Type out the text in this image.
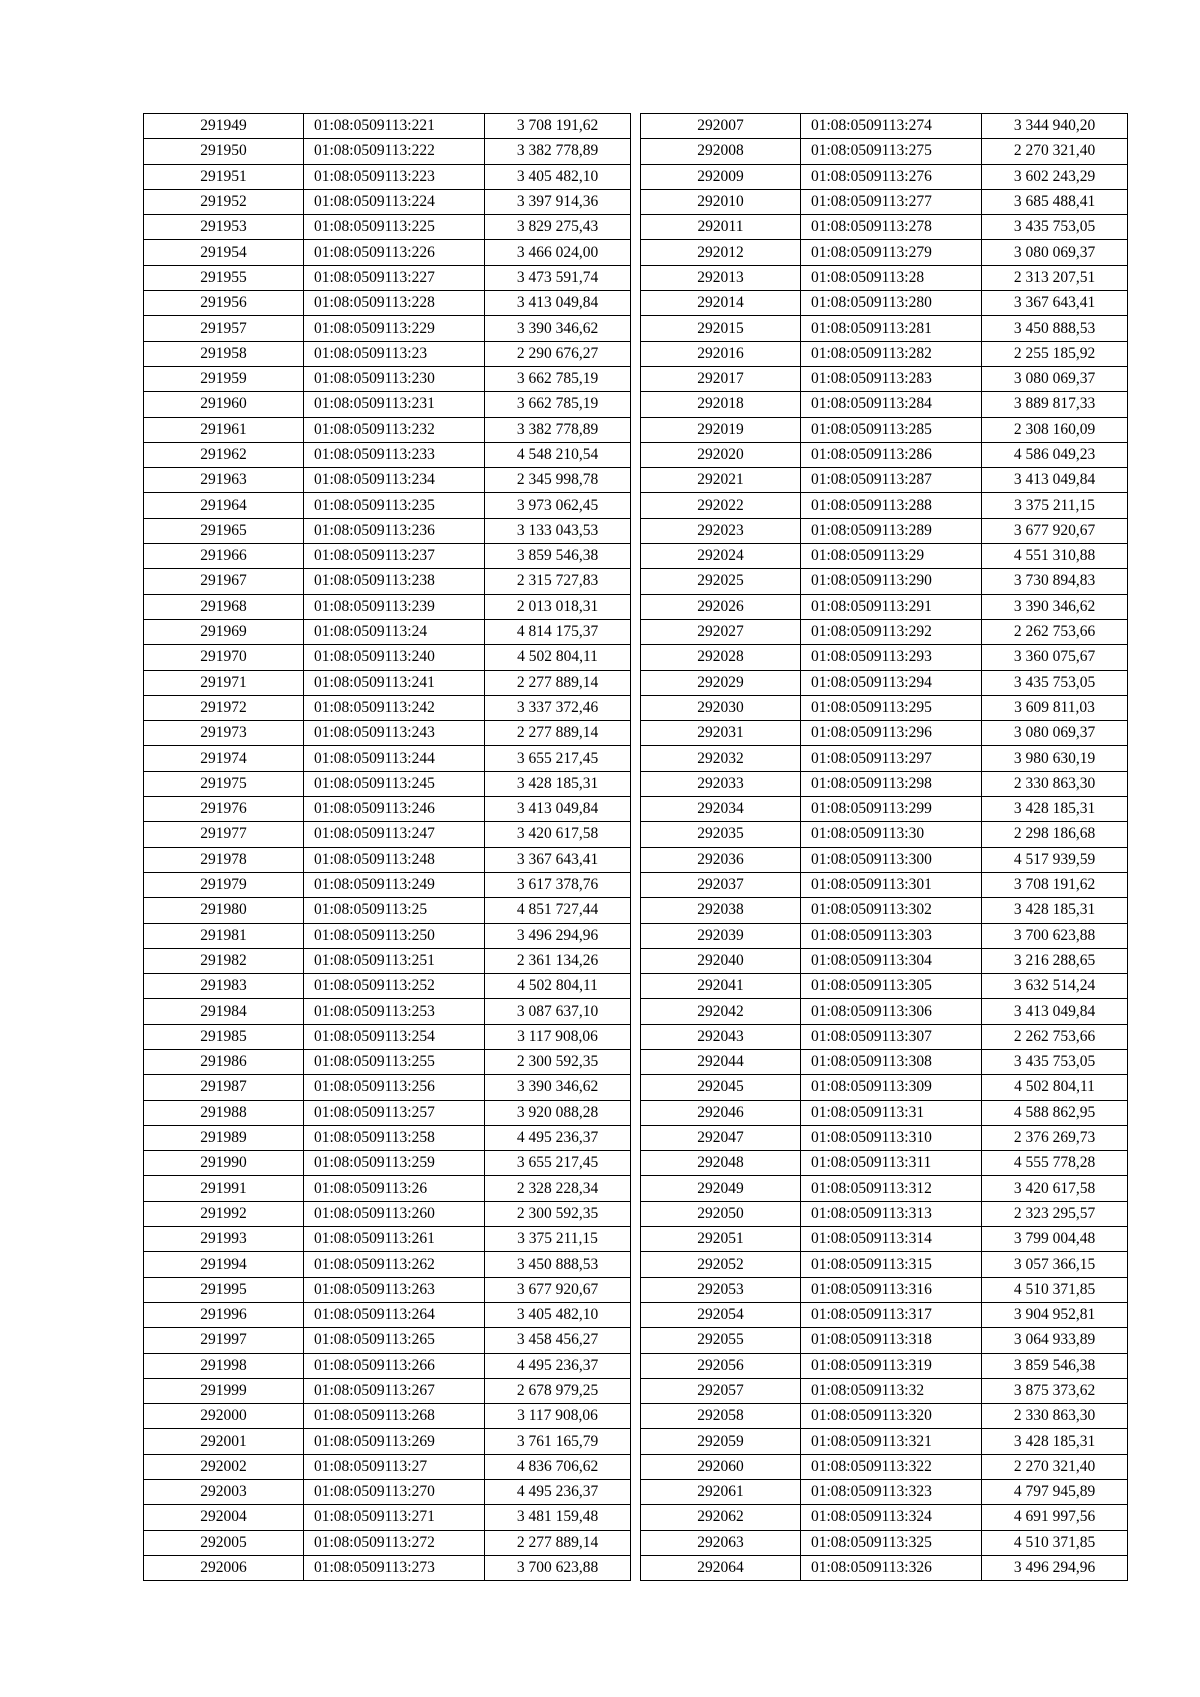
291949	01:08:0509113:221	3 708 191,62
291950	01:08:0509113:222	3 382 778,89
291951	01:08:0509113:223	3 405 482,10
291952	01:08:0509113:224	3 397 914,36
291953	01:08:0509113:225	3 829 275,43
291954	01:08:0509113:226	3 466 024,00
291955	01:08:0509113:227	3 473 591,74
291956	01:08:0509113:228	3 413 049,84
291957	01:08:0509113:229	3 390 346,62
291958	01:08:0509113:23	2 290 676,27
291959	01:08:0509113:230	3 662 785,19
291960	01:08:0509113:231	3 662 785,19
291961	01:08:0509113:232	3 382 778,89
291962	01:08:0509113:233	4 548 210,54
291963	01:08:0509113:234	2 345 998,78
291964	01:08:0509113:235	3 973 062,45
291965	01:08:0509113:236	3 133 043,53
291966	01:08:0509113:237	3 859 546,38
291967	01:08:0509113:238	2 315 727,83
291968	01:08:0509113:239	2 013 018,31
291969	01:08:0509113:24	4 814 175,37
291970	01:08:0509113:240	4 502 804,11
291971	01:08:0509113:241	2 277 889,14
291972	01:08:0509113:242	3 337 372,46
291973	01:08:0509113:243	2 277 889,14
291974	01:08:0509113:244	3 655 217,45
291975	01:08:0509113:245	3 428 185,31
291976	01:08:0509113:246	3 413 049,84
291977	01:08:0509113:247	3 420 617,58
291978	01:08:0509113:248	3 367 643,41
291979	01:08:0509113:249	3 617 378,76
291980	01:08:0509113:25	4 851 727,44
291981	01:08:0509113:250	3 496 294,96
291982	01:08:0509113:251	2 361 134,26
291983	01:08:0509113:252	4 502 804,11
291984	01:08:0509113:253	3 087 637,10
291985	01:08:0509113:254	3 117 908,06
291986	01:08:0509113:255	2 300 592,35
291987	01:08:0509113:256	3 390 346,62
291988	01:08:0509113:257	3 920 088,28
291989	01:08:0509113:258	4 495 236,37
291990	01:08:0509113:259	3 655 217,45
291991	01:08:0509113:26	2 328 228,34
291992	01:08:0509113:260	2 300 592,35
291993	01:08:0509113:261	3 375 211,15
291994	01:08:0509113:262	3 450 888,53
291995	01:08:0509113:263	3 677 920,67
291996	01:08:0509113:264	3 405 482,10
291997	01:08:0509113:265	3 458 456,27
291998	01:08:0509113:266	4 495 236,37
291999	01:08:0509113:267	2 678 979,25
292000	01:08:0509113:268	3 117 908,06
292001	01:08:0509113:269	3 761 165,79
292002	01:08:0509113:27	4 836 706,62
292003	01:08:0509113:270	4 495 236,37
292004	01:08:0509113:271	3 481 159,48
292005	01:08:0509113:272	2 277 889,14
292006	01:08:0509113:273	3 700 623,88
292007	01:08:0509113:274	3 344 940,20
292008	01:08:0509113:275	2 270 321,40
292009	01:08:0509113:276	3 602 243,29
292010	01:08:0509113:277	3 685 488,41
292011	01:08:0509113:278	3 435 753,05
292012	01:08:0509113:279	3 080 069,37
292013	01:08:0509113:28	2 313 207,51
292014	01:08:0509113:280	3 367 643,41
292015	01:08:0509113:281	3 450 888,53
292016	01:08:0509113:282	2 255 185,92
292017	01:08:0509113:283	3 080 069,37
292018	01:08:0509113:284	3 889 817,33
292019	01:08:0509113:285	2 308 160,09
292020	01:08:0509113:286	4 586 049,23
292021	01:08:0509113:287	3 413 049,84
292022	01:08:0509113:288	3 375 211,15
292023	01:08:0509113:289	3 677 920,67
292024	01:08:0509113:29	4 551 310,88
292025	01:08:0509113:290	3 730 894,83
292026	01:08:0509113:291	3 390 346,62
292027	01:08:0509113:292	2 262 753,66
292028	01:08:0509113:293	3 360 075,67
292029	01:08:0509113:294	3 435 753,05
292030	01:08:0509113:295	3 609 811,03
292031	01:08:0509113:296	3 080 069,37
292032	01:08:0509113:297	3 980 630,19
292033	01:08:0509113:298	2 330 863,30
292034	01:08:0509113:299	3 428 185,31
292035	01:08:0509113:30	2 298 186,68
292036	01:08:0509113:300	4 517 939,59
292037	01:08:0509113:301	3 708 191,62
292038	01:08:0509113:302	3 428 185,31
292039	01:08:0509113:303	3 700 623,88
292040	01:08:0509113:304	3 216 288,65
292041	01:08:0509113:305	3 632 514,24
292042	01:08:0509113:306	3 413 049,84
292043	01:08:0509113:307	2 262 753,66
292044	01:08:0509113:308	3 435 753,05
292045	01:08:0509113:309	4 502 804,11
292046	01:08:0509113:31	4 588 862,95
292047	01:08:0509113:310	2 376 269,73
292048	01:08:0509113:311	4 555 778,28
292049	01:08:0509113:312	3 420 617,58
292050	01:08:0509113:313	2 323 295,57
292051	01:08:0509113:314	3 799 004,48
292052	01:08:0509113:315	3 057 366,15
292053	01:08:0509113:316	4 510 371,85
292054	01:08:0509113:317	3 904 952,81
292055	01:08:0509113:318	3 064 933,89
292056	01:08:0509113:319	3 859 546,38
292057	01:08:0509113:32	3 875 373,62
292058	01:08:0509113:320	2 330 863,30
292059	01:08:0509113:321	3 428 185,31
292060	01:08:0509113:322	2 270 321,40
292061	01:08:0509113:323	4 797 945,89
292062	01:08:0509113:324	4 691 997,56
292063	01:08:0509113:325	4 510 371,85
292064	01:08:0509113:326	3 496 294,96
